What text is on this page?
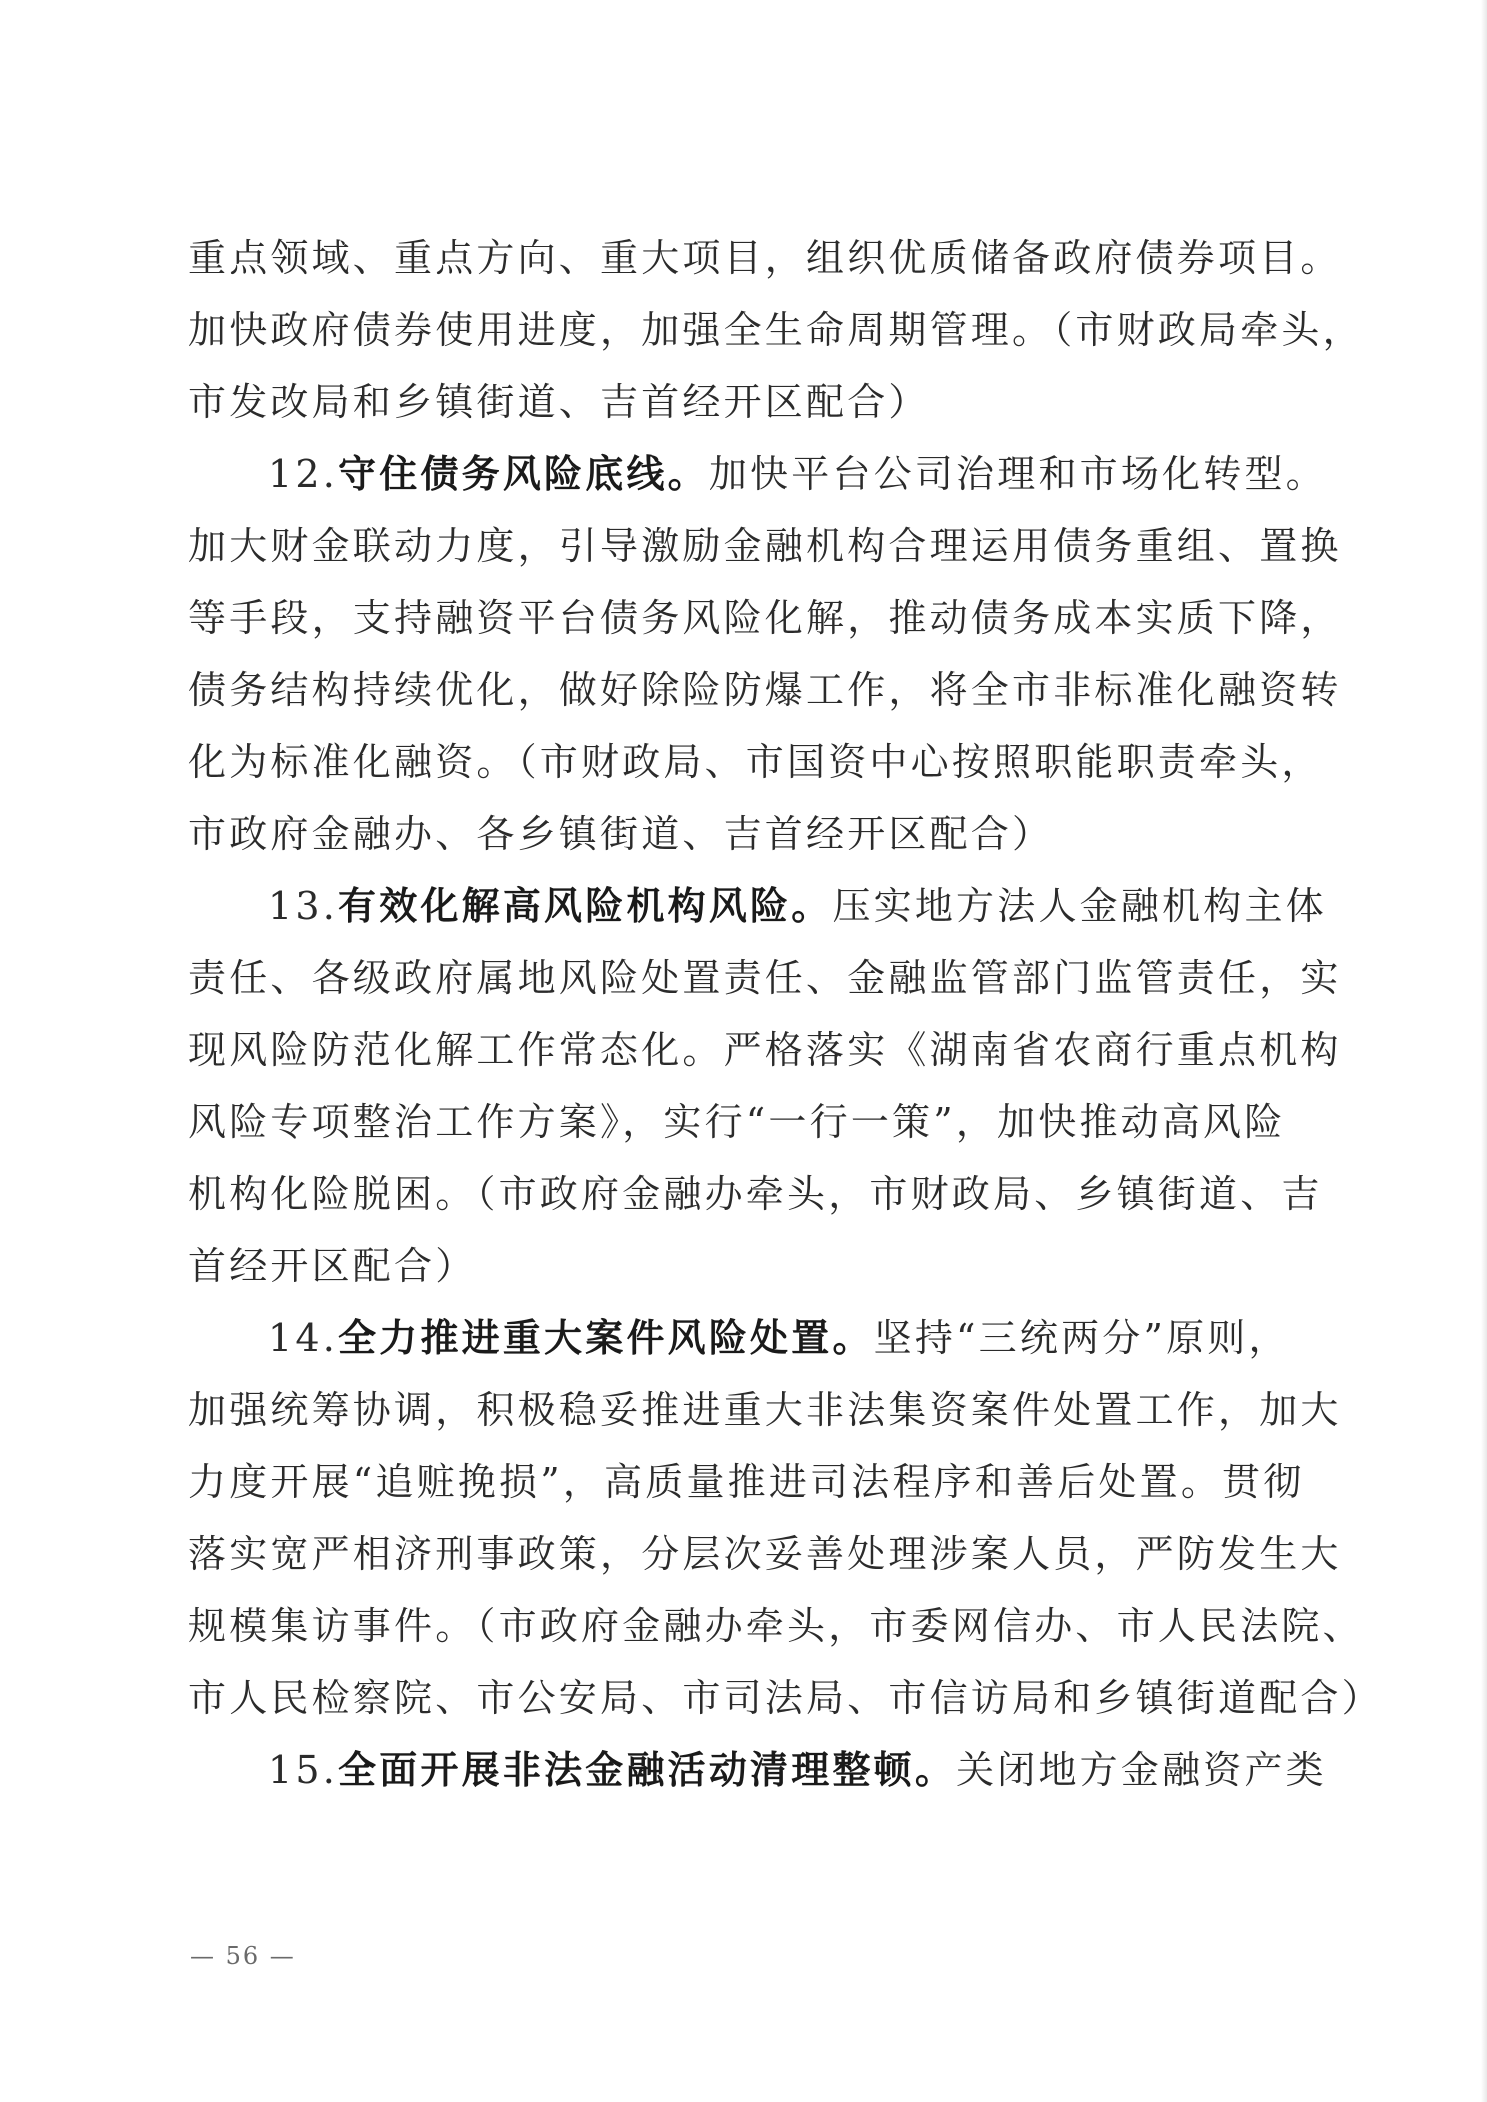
重点领域、重点方向、重大项目，组织优质储备政府债券项目。
加快政府债券使用进度，加强全生命周期管理。（市财政局牵头，
市发改局和乡镇街道、吉首经开区配合）
12.守住债务风险底线。加快平台公司治理和市场化转型。
加大财金联动力度，引导激励金融机构合理运用债务重组、置换
等手段，支持融资平台债务风险化解，推动债务成本实质下降，
债务结构持续优化，做好除险防爆工作，将全市非标准化融资转
化为标准化融资。（市财政局、市国资中心按照职能职责牵头，
市政府金融办、各乡镇街道、吉首经开区配合）
13.有效化解高风险机构风险。压实地方法人金融机构主体
责任、各级政府属地风险处置责任、金融监管部门监管责任，实
现风险防范化解工作常态化。严格落实《湖南省农商行重点机构
风险专项整治工作方案》，实行“一行一策”，加快推动高风险
机构化险脱困。（市政府金融办牵头，市财政局、乡镇街道、吉
首经开区配合）
14.全力推进重大案件风险处置。坚持“三统两分”原则，
加强统筹协调，积极稳妥推进重大非法集资案件处置工作，加大
力度开展“追赃挽损”，高质量推进司法程序和善后处置。贯彻
落实宽严相济刑事政策，分层次妥善处理涉案人员，严防发生大
规模集访事件。（市政府金融办牵头，市委网信办、市人民法院、
市人民检察院、市公安局、市司法局、市信访局和乡镇街道配合）
15.全面开展非法金融活动清理整顿。关闭地方金融资产类
— 56 —
